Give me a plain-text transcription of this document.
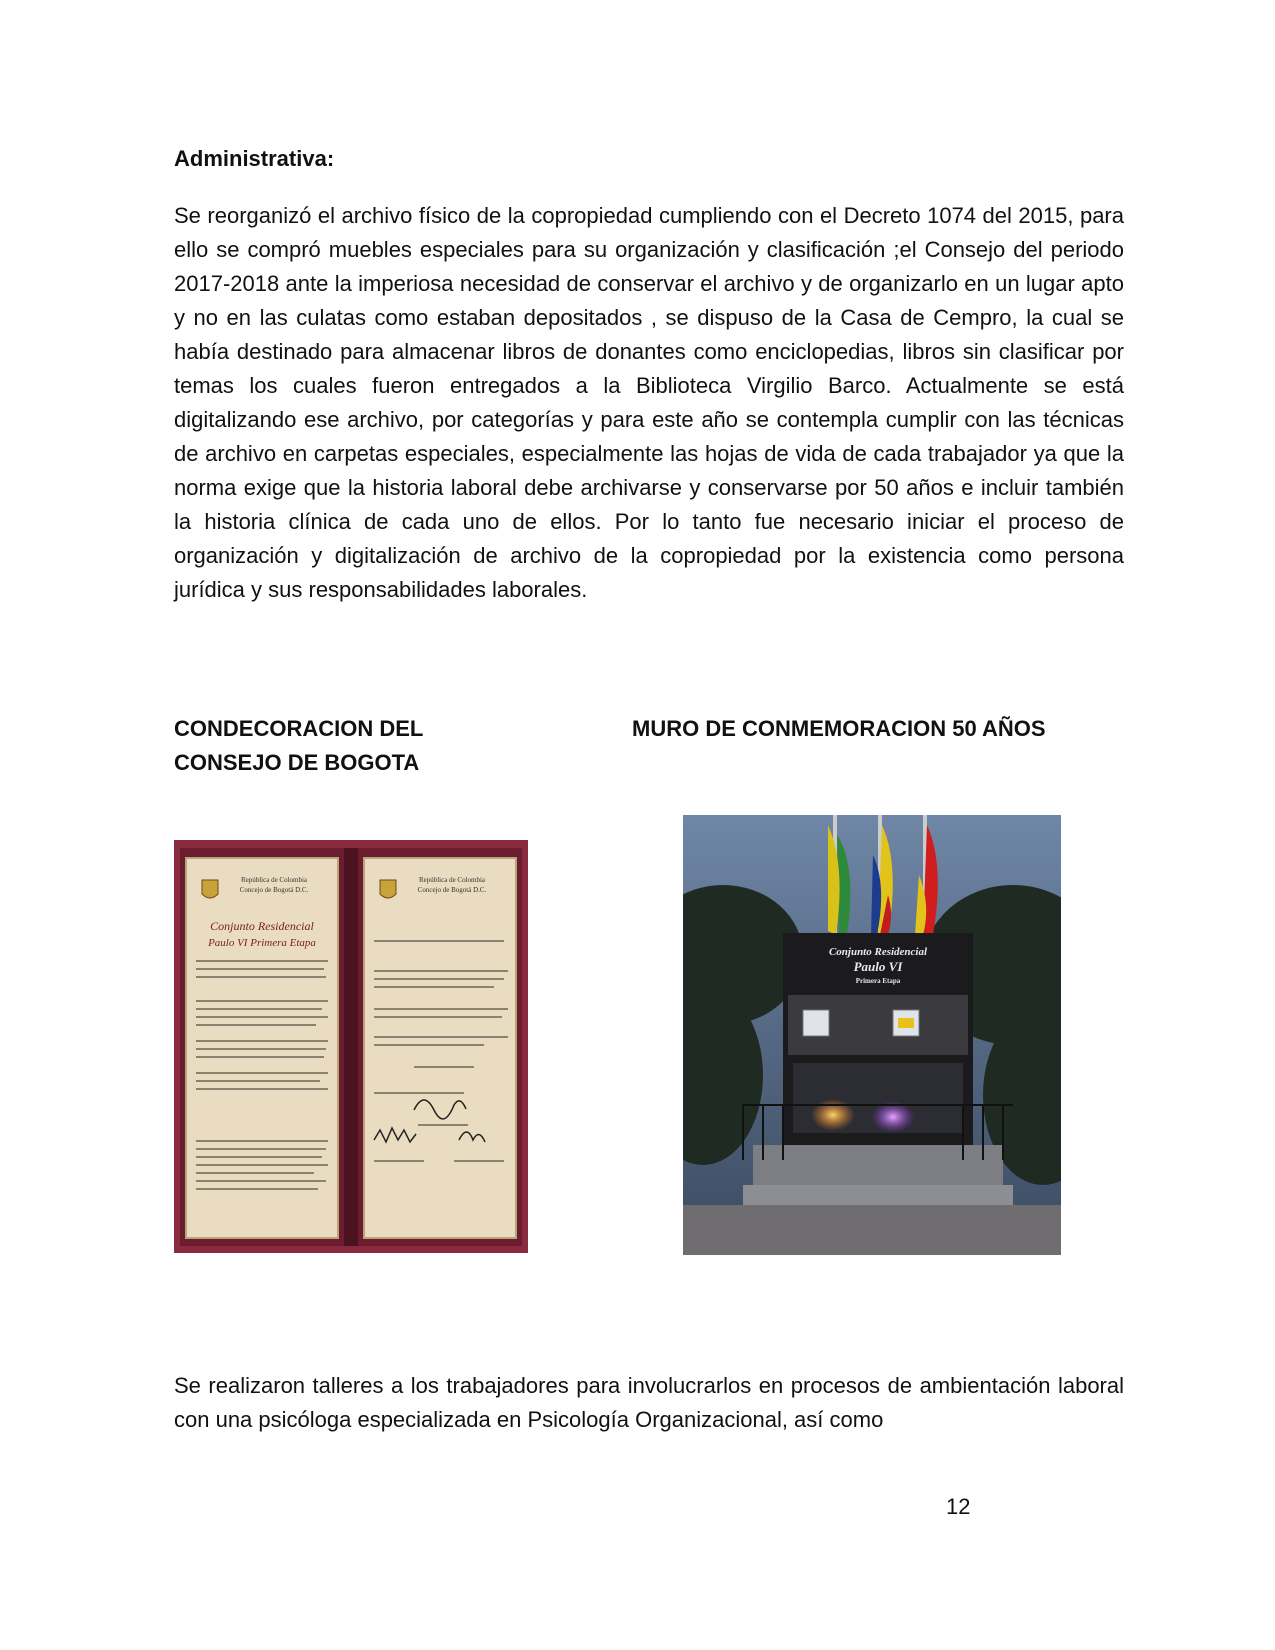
Administrativa:

Se reorganizó el archivo físico de la copropiedad cumpliendo con el Decreto 1074 del 2015, para ello se compró muebles especiales para su organización y clasificación ;el Consejo del periodo 2017-2018 ante la imperiosa necesidad de conservar el archivo y de organizarlo en un lugar apto y no en las culatas como estaban depositados , se dispuso de la Casa de Cempro, la cual se había destinado para almacenar libros de donantes como enciclopedias, libros sin clasificar por temas los cuales fueron entregados a la Biblioteca Virgilio Barco. Actualmente se está digitalizando ese archivo, por categorías y para este año se contempla cumplir con las técnicas de archivo en carpetas especiales, especialmente las hojas de vida de cada trabajador ya que la norma exige que la historia laboral debe archivarse y conservarse por 50 años e incluir también la historia clínica de cada uno de ellos. Por lo tanto fue necesario iniciar el proceso de organización y digitalización de archivo de la copropiedad por la existencia como persona jurídica y sus responsabilidades laborales.

CONDECORACION DEL
CONSEJO DE BOGOTA
MURO DE CONMEMORACION 50 AÑOS
República de Colombia
Concejo de Bogotá D.C.
Conjunto Residencial
Paulo VI Primera Etapa
República de Colombia
Concejo de Bogotá D.C.
Conjunto Residencial
Paulo VI
Primera Etapa

Se realizaron talleres a los trabajadores para involucrarlos en procesos de ambientación laboral con una psicóloga especializada en Psicología Organizacional, así como

12
